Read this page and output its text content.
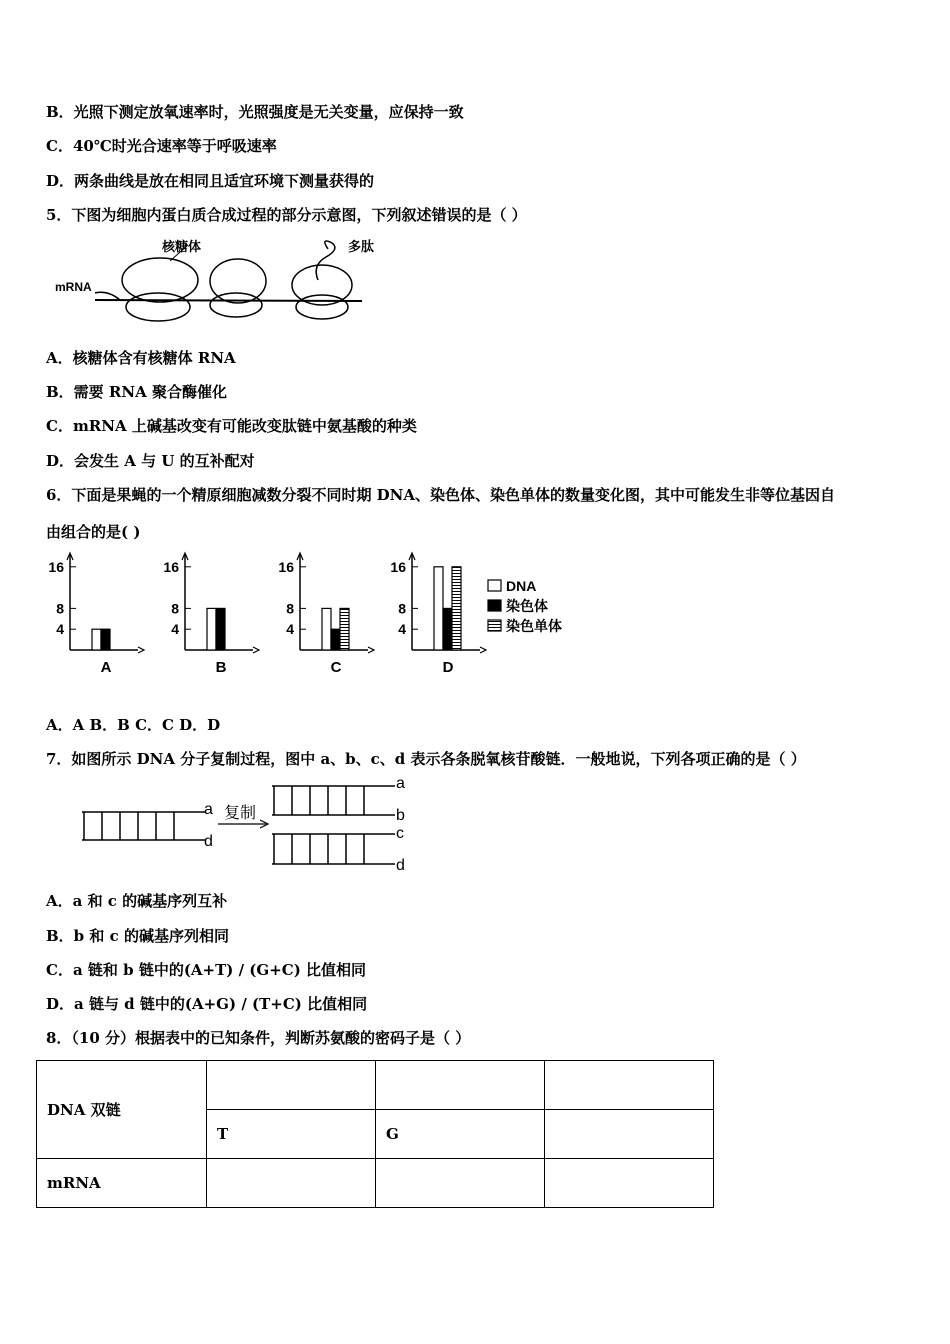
B．光照下测定放氧速率时，光照强度是无关变量，应保持一致
C．40℃时光合速率等于呼吸速率
D．两条曲线是放在相同且适宜环境下测量获得的
5．下图为细胞内蛋白质合成过程的部分示意图，下列叙述错误的是（ ）
mRNA
核糖体	多肽
A．核糖体含有核糖体 RNA
B．需要 RNA 聚合酶催化
C．mRNA 上碱基改变有可能改变肽链中氨基酸的种类
D．会发生 A 与 U 的互补配对
6．下面是果蝇的一个精原细胞减数分裂不同时期 DNA、染色体、染色单体的数量变化图，其中可能发生非等位基因自
由组合的是( )
4
8
16
A
4
8
16
B
4
8
16
C
4
8
16
D
DNA
染色体
染色单体
A．A B．B C．C D．D
7．如图所示 DNA 分子复制过程，图中 a、b、c、d 表示各条脱氧核苷酸链．一般地说，下列各项正确的是（ ）
a
d
复制
a
b
c
d
A．a 和 c 的碱基序列互补
B．b 和 c 的碱基序列相同
C．a 链和 b 链中的(A+T) / (G+C) 比值相同
D．a 链与 d 链中的(A+G) / (T+C) 比值相同
8．（10 分）根据表中的已知条件，判断苏氨酸的密码子是（ ）
DNA 双链			
	T	G	
mRNA			
